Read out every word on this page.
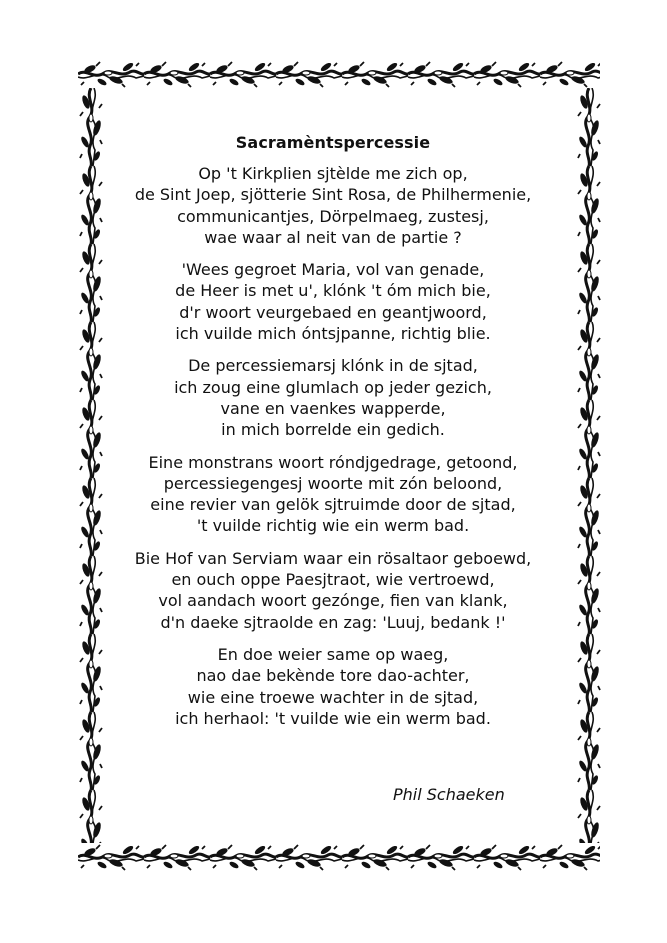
Sacramèntspercessie
Op 't Kirkplien sjtèlde me zich op,
de Sint Joep, sjötterie Sint Rosa, de Philhermenie,
communicantjes, Dörpelmaeg, zustesj,
wae waar al neit van de partie ?
'Wees gegroet Maria, vol van genade,
de Heer is met u', klónk 't óm mich bie,
d'r woort veurgebaed en geantjwoord,
ich vuilde mich óntsjpanne, richtig blie.
De percessiemarsj klónk in de sjtad,
ich zoug eine glumlach op jeder gezich,
vane en vaenkes wapperde,
in mich borrelde ein gedich.
Eine monstrans woort róndjgedrage, getoond,
percessiegengesj woorte mit zón beloond,
eine revier van gelök sjtruimde door de sjtad,
't vuilde richtig wie ein werm bad.
Bie Hof van Serviam waar ein rösaltaor geboewd,
en ouch oppe Paesjtraot, wie vertroewd,
vol aandach woort gezónge, fien van klank,
d'n daeke sjtraolde en zag: 'Luuj, bedank !'
En doe weier same op waeg,
nao dae bekènde tore dao-achter,
wie eine troewe wachter in de sjtad,
ich herhaol: 't vuilde wie ein werm bad.
Phil Schaeken
